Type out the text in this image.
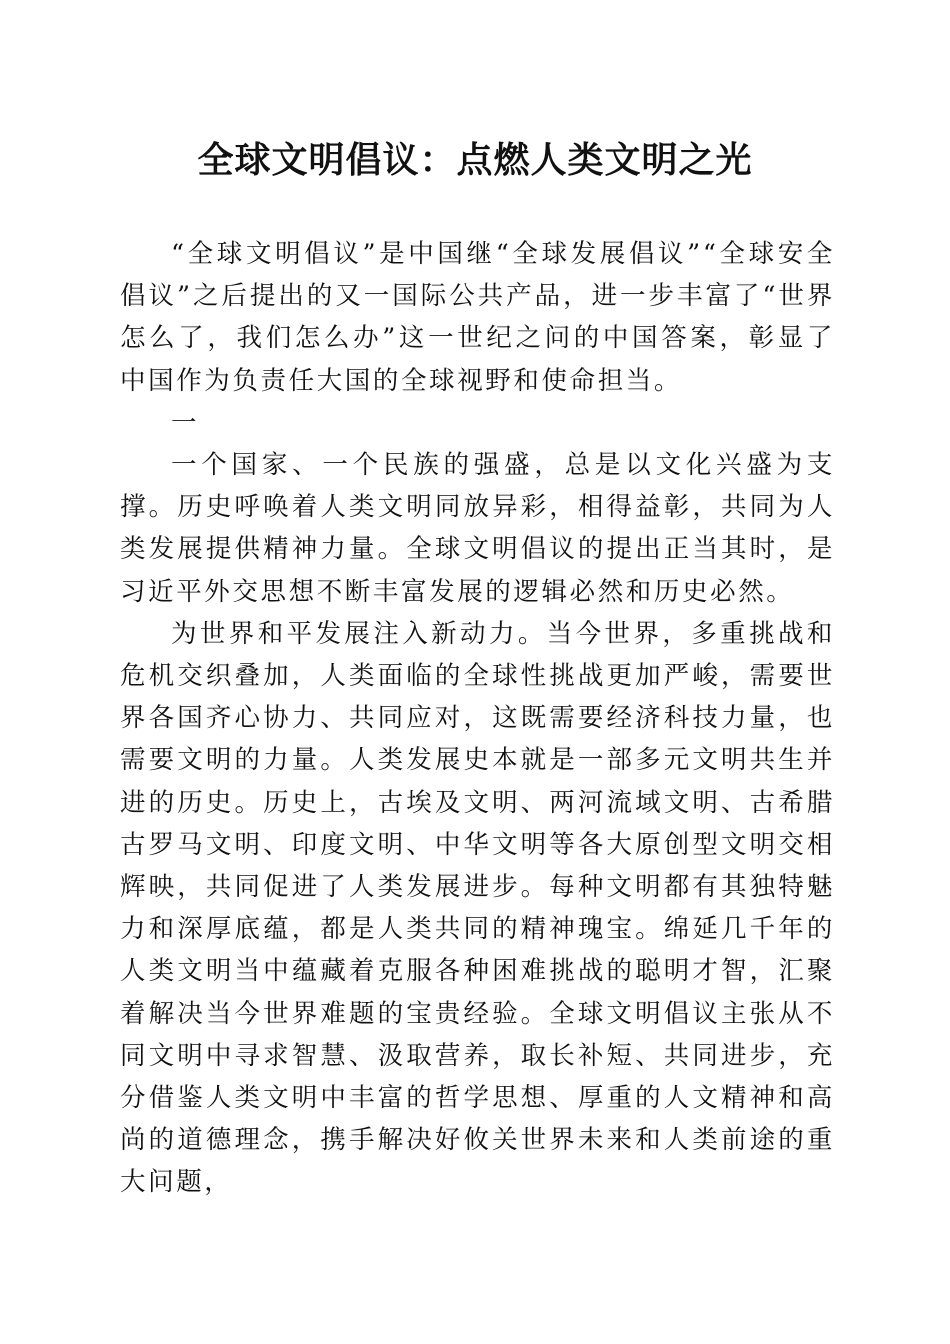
全球文明倡议：点燃人类文明之光

“全球文明倡议”是中国继“全球发展倡议”“全球安全倡议”之后提出的又一国际公共产品，进一步丰富了“世界怎么了，我们怎么办”这一世纪之问的中国答案，彰显了中国作为负责任大国的全球视野和使命担当。

一

一个国家、一个民族的强盛，总是以文化兴盛为支撑。历史呼唤着人类文明同放异彩，相得益彰，共同为人类发展提供精神力量。全球文明倡议的提出正当其时，是习近平外交思想不断丰富发展的逻辑必然和历史必然。

为世界和平发展注入新动力。当今世界，多重挑战和危机交织叠加，人类面临的全球性挑战更加严峻，需要世界各国齐心协力、共同应对，这既需要经济科技力量，也需要文明的力量。人类发展史本就是一部多元文明共生并进的历史。历史上，古埃及文明、两河流域文明、古希腊古罗马文明、印度文明、中华文明等各大原创型文明交相辉映，共同促进了人类发展进步。每种文明都有其独特魅力和深厚底蕴，都是人类共同的精神瑰宝。绵延几千年的人类文明当中蕴藏着克服各种困难挑战的聪明才智，汇聚着解决当今世界难题的宝贵经验。全球文明倡议主张从不同文明中寻求智慧、汲取营养，取长补短、共同进步，充分借鉴人类文明中丰富的哲学思想、厚重的人文精神和高尚的道德理念，携手解决好攸关世界未来和人类前途的重大问题，
